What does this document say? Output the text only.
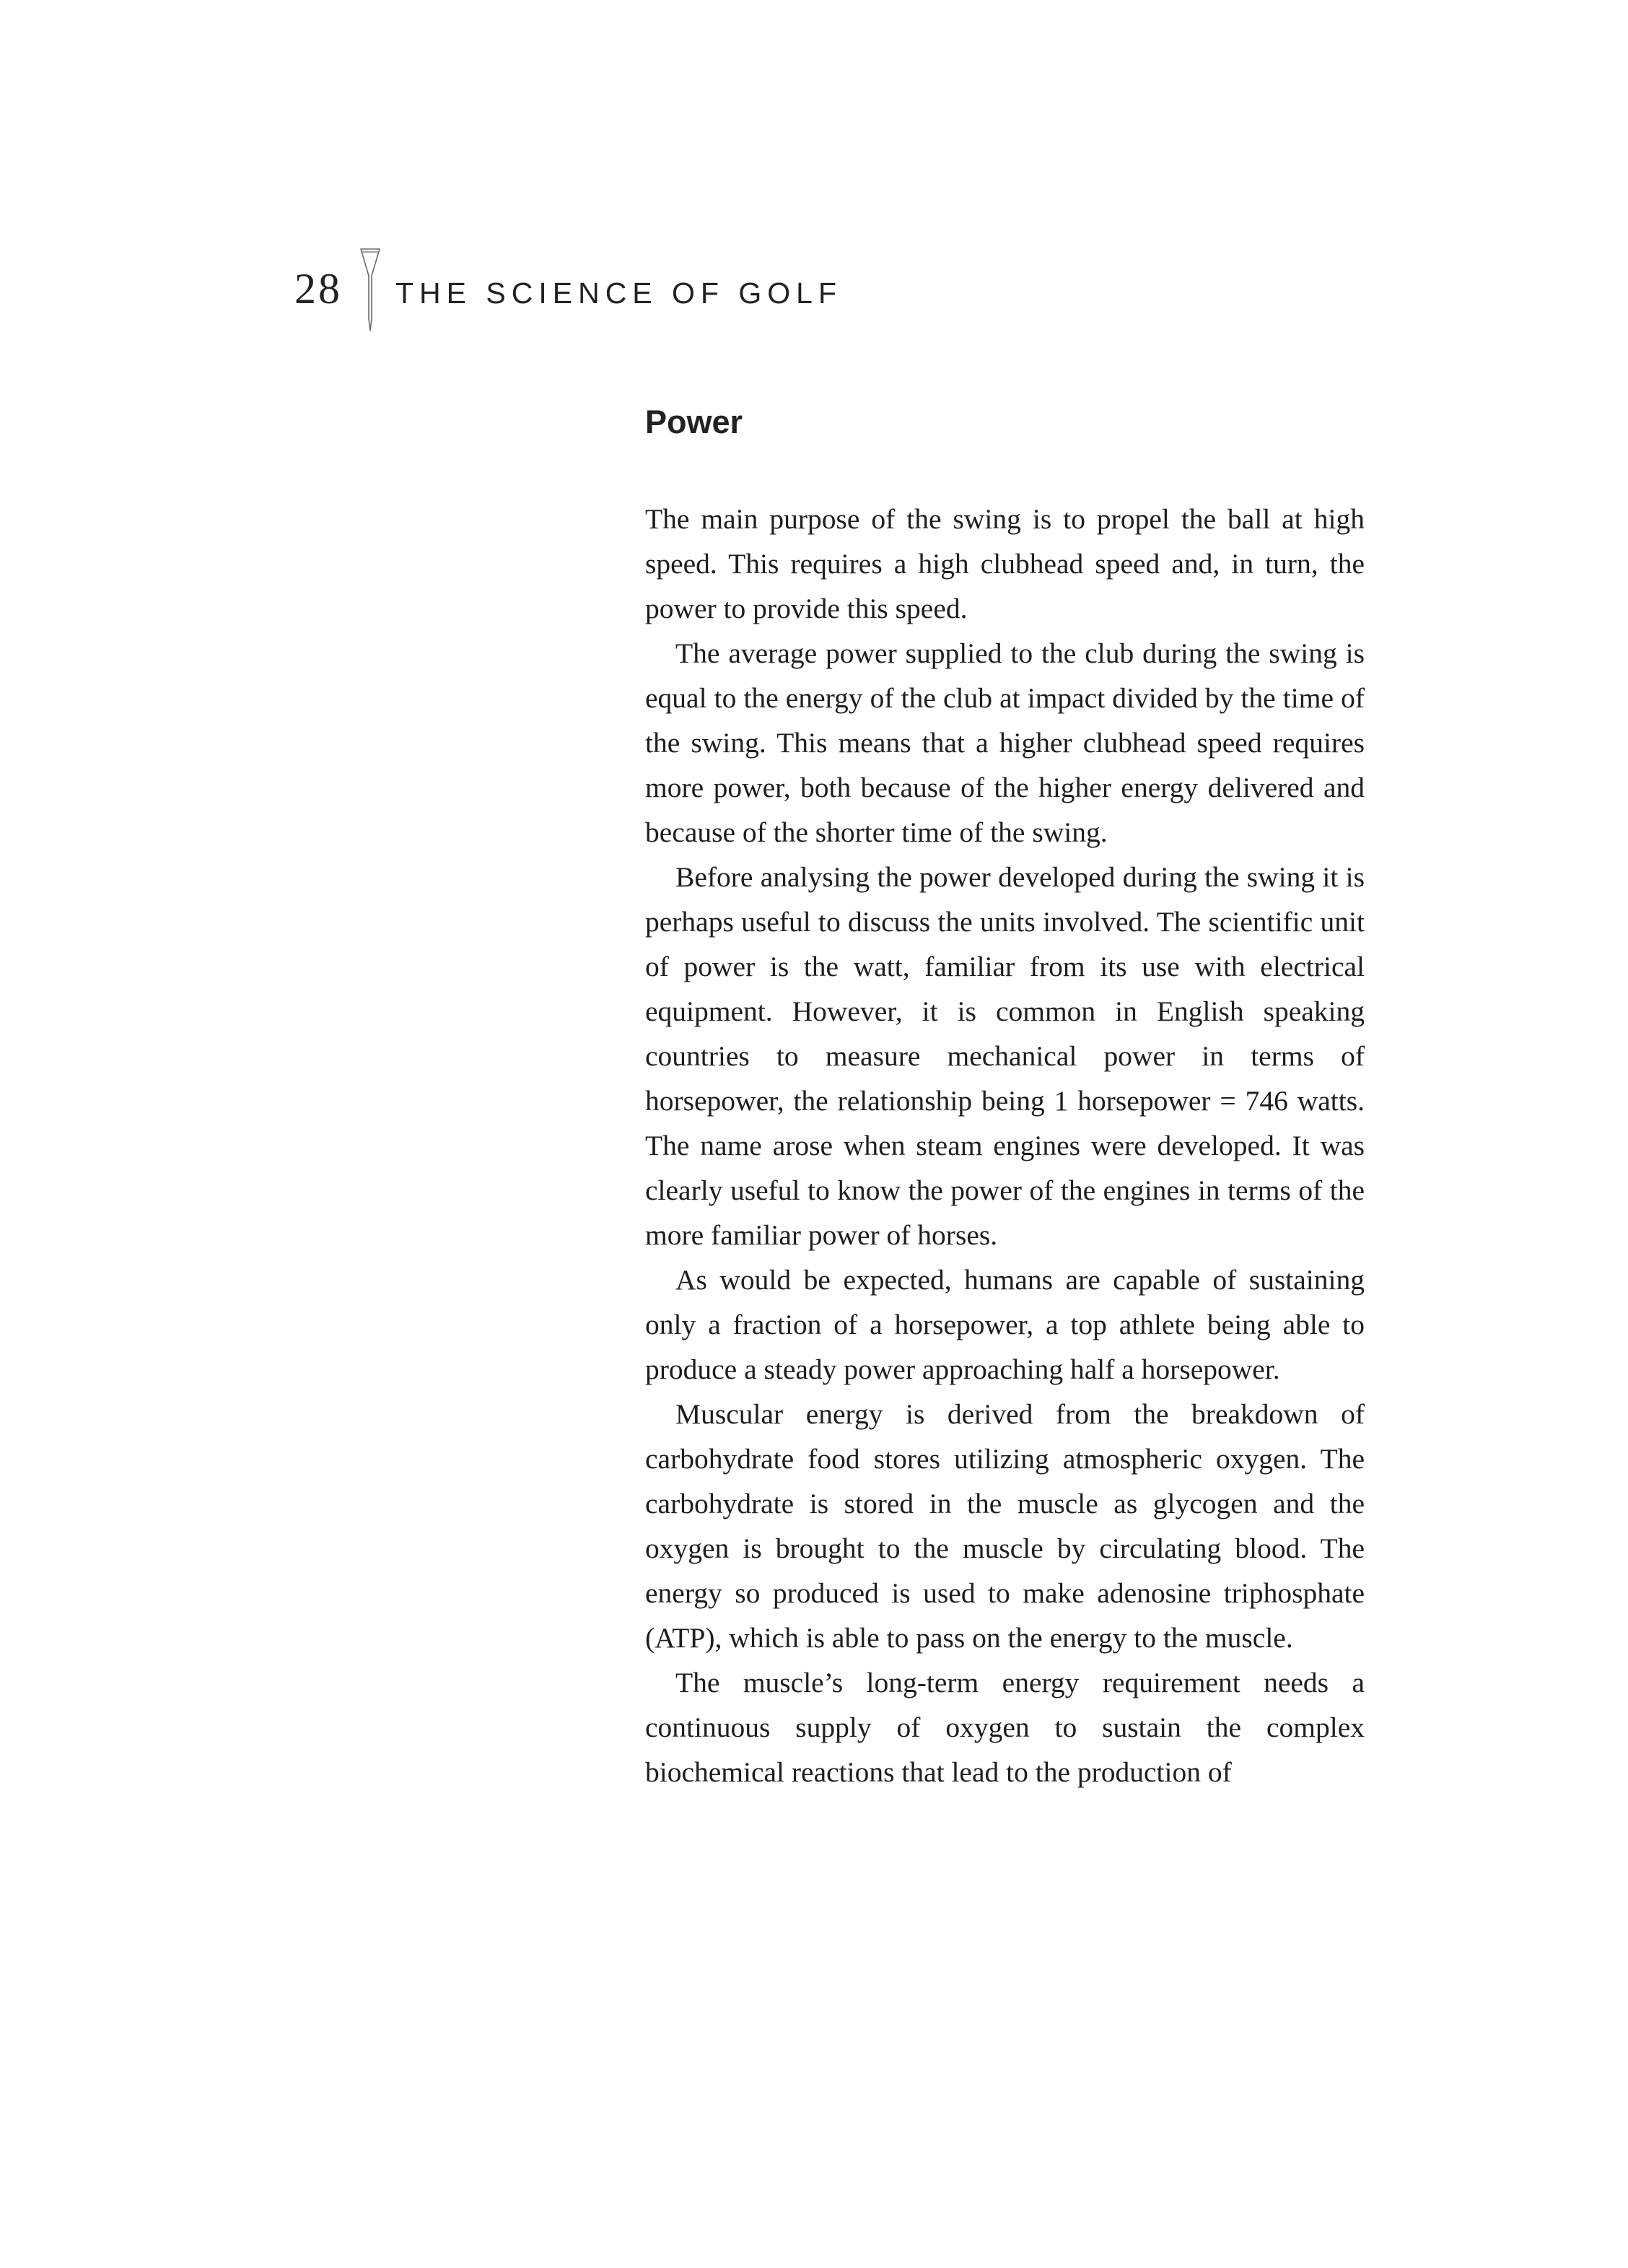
28 THE SCIENCE OF GOLF
Power

The main purpose of the swing is to propel the ball at high speed. This requires a high clubhead speed and, in turn, the power to provide this speed.

The average power supplied to the club during the swing is equal to the energy of the club at impact divided by the time of the swing. This means that a higher clubhead speed requires more power, both because of the higher energy delivered and because of the shorter time of the swing.

Before analysing the power developed during the swing it is perhaps useful to discuss the units involved. The scientific unit of power is the watt, familiar from its use with electrical equipment. However, it is common in English speaking countries to measure mechanical power in terms of horsepower, the relationship being 1 horsepower = 746 watts. The name arose when steam engines were developed. It was clearly useful to know the power of the engines in terms of the more familiar power of horses.

As would be expected, humans are capable of sustaining only a fraction of a horsepower, a top athlete being able to produce a steady power approaching half a horsepower.

Muscular energy is derived from the breakdown of carbohydrate food stores utilizing atmospheric oxygen. The carbohydrate is stored in the muscle as glycogen and the oxygen is brought to the muscle by circulating blood. The energy so produced is used to make adenosine triphosphate (ATP), which is able to pass on the energy to the muscle.

The muscle’s long-term energy requirement needs a continuous supply of oxygen to sustain the complex biochemical reactions that lead to the production of
